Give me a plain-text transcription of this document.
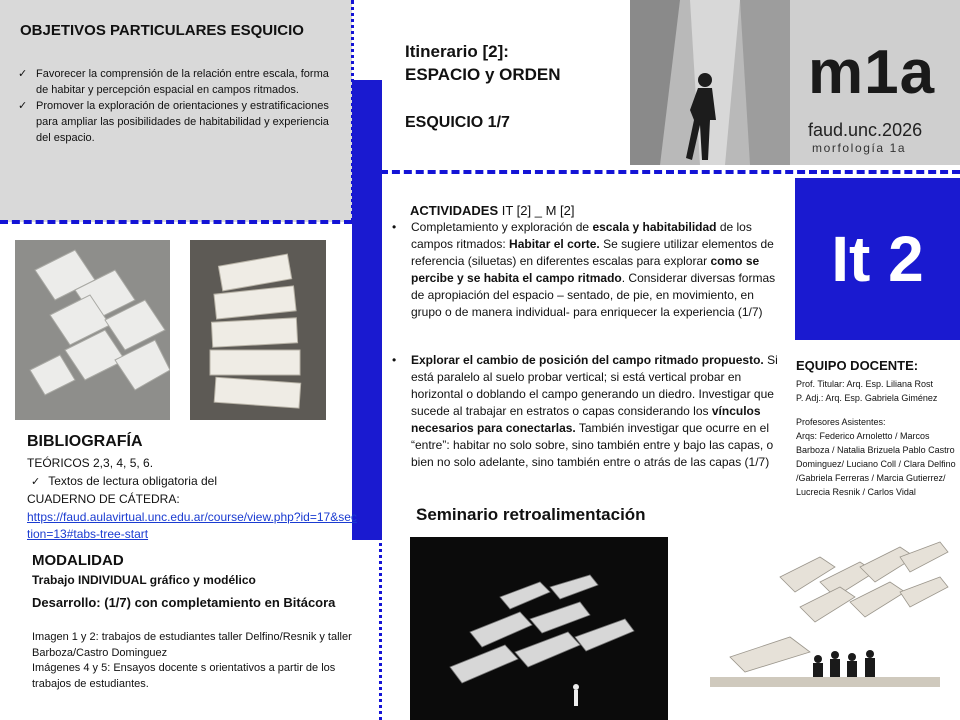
OBJETIVOS PARTICULARES ESQUICIO
✓ Favorecer la comprensión de la relación entre escala, forma de habitar y percepción espacial en campos ritmados.
✓ Promover la exploración de orientaciones y estratificaciones para ampliar las posibilidades de habitabilidad y experiencia del espacio.
BIBLIOGRAFÍA
TEÓRICOS 2,3, 4, 5, 6.
✓ Textos de lectura obligatoria del
CUADERNO DE CÁTEDRA:
https://faud.aulavirtual.unc.edu.ar/course/view.php?id=17&section=13#tabs-tree-start
MODALIDAD
Trabajo INDIVIDUAL gráfico y modélico
Desarrollo: (1/7) con completamiento en Bitácora
Imagen 1 y 2: trabajos de estudiantes taller Delfino/Resnik y taller Barboza/Castro Dominguez
Imágenes 4 y 5: Ensayos docente s orientativos a partir de los trabajos de estudiantes.
Itinerario [2]:
ESPACIO y ORDEN
ESQUICIO 1/7
m1a
faud.unc.2026
morfología 1a
It 2
ACTIVIDADES IT [2] _ M [2]
• Completamiento y exploración de escala y habitabilidad de los campos ritmados: Habitar el corte. Se sugiere utilizar elementos de referencia (siluetas) en diferentes escalas para explorar como se percibe y se habita el campo ritmado. Considerar diversas formas de apropiación del espacio – sentado, de pie, en movimiento, en grupo o de manera individual- para enriquecer la experiencia (1/7)
• Explorar el cambio de posición del campo ritmado propuesto. Si está paralelo al suelo probar vertical; si está vertical probar en horizontal o doblando el campo generando un diedro. Investigar que sucede al trabajar en estratos o capas considerando los vínculos necesarios para conectarlas. También investigar que ocurre en el “entre”: habitar no solo sobre, sino también entre y bajo las capas, o bien no solo adelante, sino también entre o atrás de las capas (1/7)
EQUIPO DOCENTE:
Prof. Titular: Arq. Esp. Liliana Rost
P. Adj.: Arq. Esp. Gabriela Giménez
Profesores Asistentes:
Arqs: Federico Arnoletto / Marcos Barboza / Natalia Brizuela Pablo Castro Dominguez/ Luciano Coll / Clara Delfino /Gabriela Ferreras / Marcia Gutierrez/ Lucrecia Resnik / Carlos Vidal
Seminario retroalimentación
